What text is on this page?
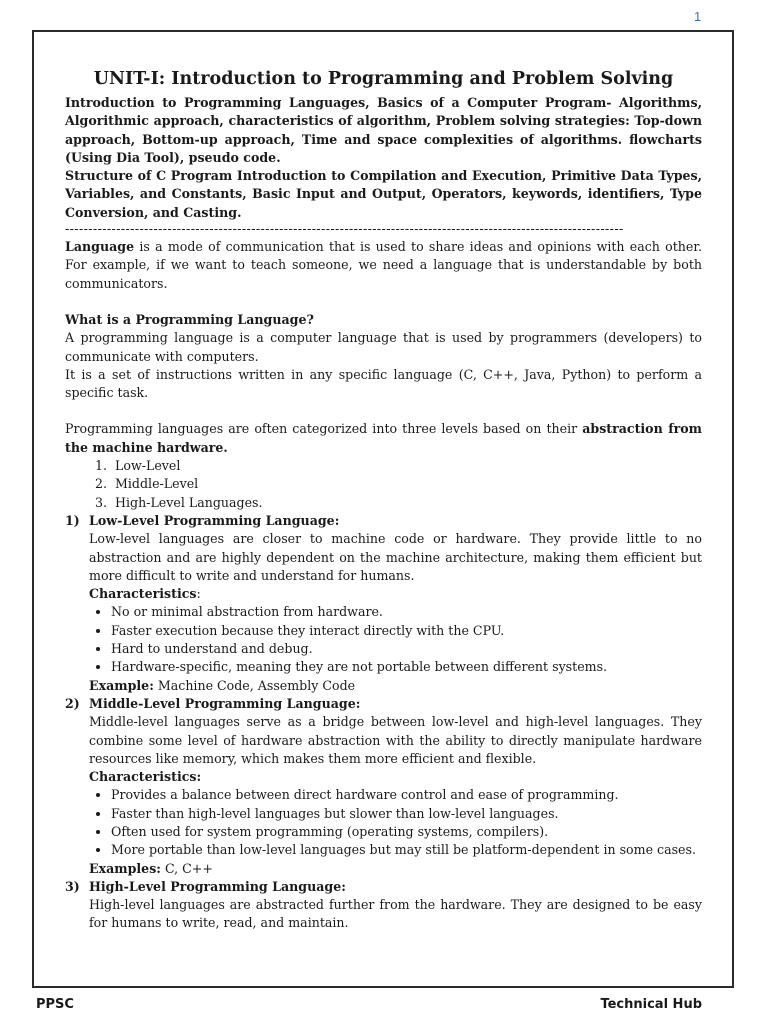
1
UNIT-I: Introduction to Programming and Problem Solving

Introduction to Programming Languages, Basics of a Computer Program- Algorithms, Algorithmic approach, characteristics of algorithm, Problem solving strategies: Top-down approach, Bottom-up approach, Time and space complexities of algorithms. flowcharts (Using Dia Tool), pseudo code.

Structure of C Program Introduction to Compilation and Execution, Primitive Data Types, Variables, and Constants, Basic Input and Output, Operators, keywords, identifiers, Type Conversion, and Casting.

------------------------------------------------------------------------------------------------------------------------

Language is a mode of communication that is used to share ideas and opinions with each other. For example, if we want to teach someone, we need a language that is understandable by both communicators.

What is a Programming Language?

A programming language is a computer language that is used by programmers (developers) to communicate with computers.

It is a set of instructions written in any specific language (C, C++, Java, Python) to perform a specific task.

Programming languages are often categorized into three levels based on their abstraction from the machine hardware.

1. Low-Level
2. Middle-Level
3. High-Level Languages.
1) Low-Level Programming Language:

Low-level languages are closer to machine code or hardware. They provide little to no abstraction and are highly dependent on the machine architecture, making them efficient but more difficult to write and understand for humans.

Characteristics:

• No or minimal abstraction from hardware.
• Faster execution because they interact directly with the CPU.
• Hard to understand and debug.
• Hardware-specific, meaning they are not portable between different systems.
Example: Machine Code, Assembly Code
2) Middle-Level Programming Language:

Middle-level languages serve as a bridge between low-level and high-level languages. They combine some level of hardware abstraction with the ability to directly manipulate hardware resources like memory, which makes them more efficient and flexible.

Characteristics:

• Provides a balance between direct hardware control and ease of programming.
• Faster than high-level languages but slower than low-level languages.
• Often used for system programming (operating systems, compilers).
• More portable than low-level languages but may still be platform-dependent in some cases.
Examples: C, C++
3) High-Level Programming Language:

High-level languages are abstracted further from the hardware. They are designed to be easy for humans to write, read, and maintain.

PPSC	Technical Hub
